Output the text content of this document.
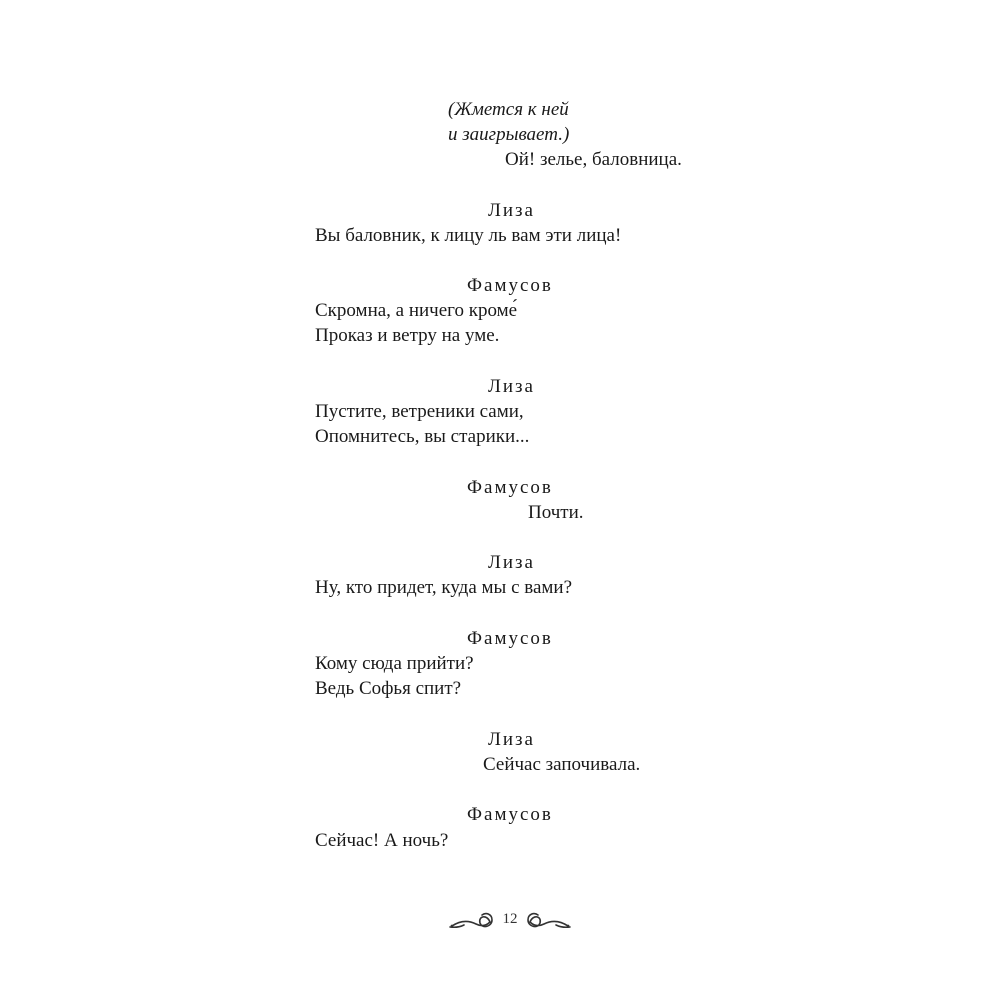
(Жмется к ней
и заигрывает.)
Ой! зелье, баловница.
Лиза
Вы баловник, к лицу ль вам эти лица!
Фамусов
Скромна, а ничего кроме́
Проказ и ветру на уме.
Лиза
Пустите, ветреники сами,
Опомнитесь, вы старики...
Фамусов
Почти.
Лиза
Ну, кто придет, куда мы с вами?
Фамусов
Кому сюда прийти?
Ведь Софья спит?
Лиза
Сейчас започивала.
Фамусов
Сейчас! А ночь?
12
